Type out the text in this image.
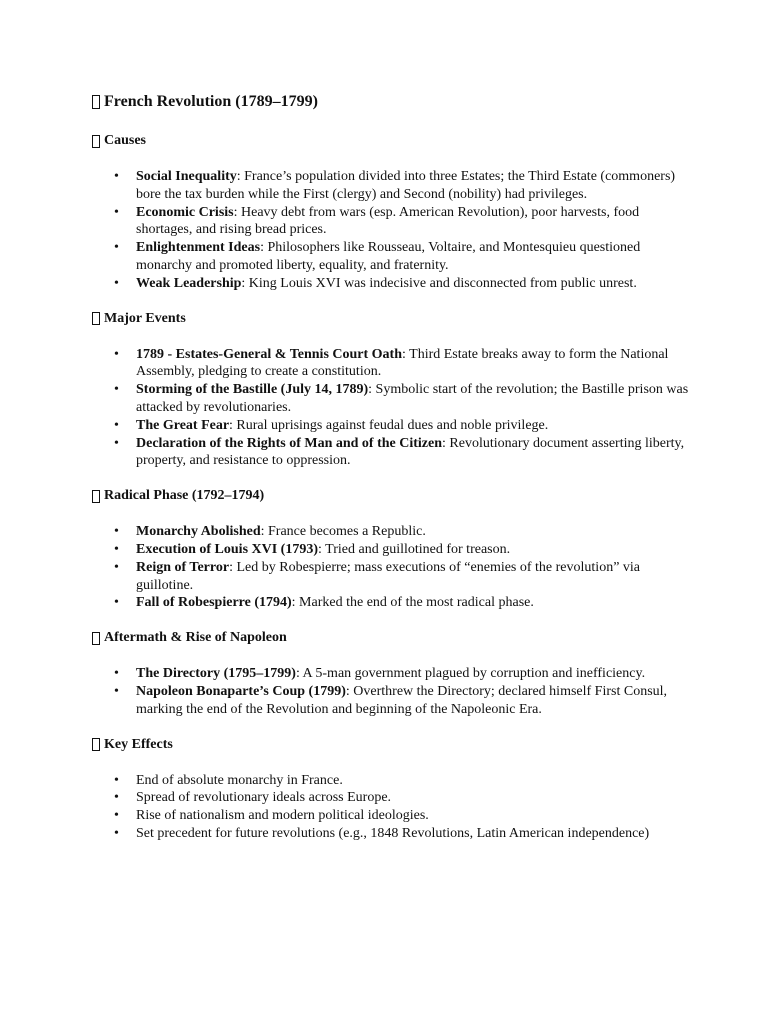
French Revolution (1789–1799)
Causes
• Social Inequality: France’s population divided into three Estates; the Third Estate (commoners) bore the tax burden while the First (clergy) and Second (nobility) had privileges.
• Economic Crisis: Heavy debt from wars (esp. American Revolution), poor harvests, food shortages, and rising bread prices.
• Enlightenment Ideas: Philosophers like Rousseau, Voltaire, and Montesquieu questioned monarchy and promoted liberty, equality, and fraternity.
• Weak Leadership: King Louis XVI was indecisive and disconnected from public unrest.
Major Events
• 1789 - Estates-General & Tennis Court Oath: Third Estate breaks away to form the National Assembly, pledging to create a constitution.
• Storming of the Bastille (July 14, 1789): Symbolic start of the revolution; the Bastille prison was attacked by revolutionaries.
• The Great Fear: Rural uprisings against feudal dues and noble privilege.
• Declaration of the Rights of Man and of the Citizen: Revolutionary document asserting liberty, property, and resistance to oppression.
Radical Phase (1792–1794)
• Monarchy Abolished: France becomes a Republic.
• Execution of Louis XVI (1793): Tried and guillotined for treason.
• Reign of Terror: Led by Robespierre; mass executions of “enemies of the revolution” via guillotine.
• Fall of Robespierre (1794): Marked the end of the most radical phase.
Aftermath & Rise of Napoleon
• The Directory (1795–1799): A 5-man government plagued by corruption and inefficiency.
• Napoleon Bonaparte’s Coup (1799): Overthrew the Directory; declared himself First Consul, marking the end of the Revolution and beginning of the Napoleonic Era.
Key Effects
• End of absolute monarchy in France.
• Spread of revolutionary ideals across Europe.
• Rise of nationalism and modern political ideologies.
• Set precedent for future revolutions (e.g., 1848 Revolutions, Latin American independence)
